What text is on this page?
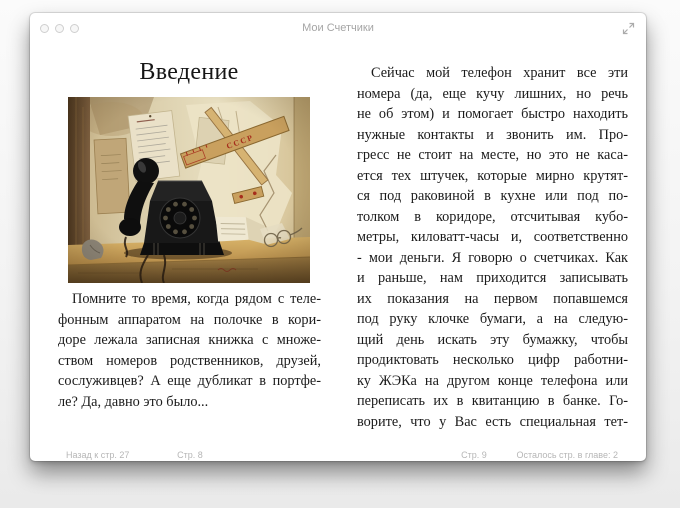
Мои Счетчики
Введение
Помните то время, когда рядом с теле-
фонным аппаратом на полочке в кори-
доре лежала записная книжка с множе-
ством номеров родственников, друзей,
сослуживцев? А еще дубликат в портфе-
ле? Да, давно это было...
Сейчас мой телефон хранит все эти
номера (да, еще кучу лишних, но речь
не об этом) и помогает быстро находить
нужные контакты и звонить им. Про-
гресс не стоит на месте, но это не каса-
ется тех штучек, которые мирно крутят-
ся под раковиной в кухне или под по-
толком в коридоре, отсчитывая кубо-
метры, киловатт-часы и, соответственно
- мои деньги. Я говорю о счетчиках. Как
и раньше, нам приходится записывать
их показания на первом попавшемся
под руку клочке бумаги, а на следую-
щий день искать эту бумажку, чтобы
продиктовать несколько цифр работни-
ку ЖЭКа на другом конце телефона или
переписать их в квитанцию в банке. Го-
ворите, что у Вас есть специальная тет-
Назад к стр. 27	Стр. 8	Стр. 9	Осталось стр. в главе: 2
